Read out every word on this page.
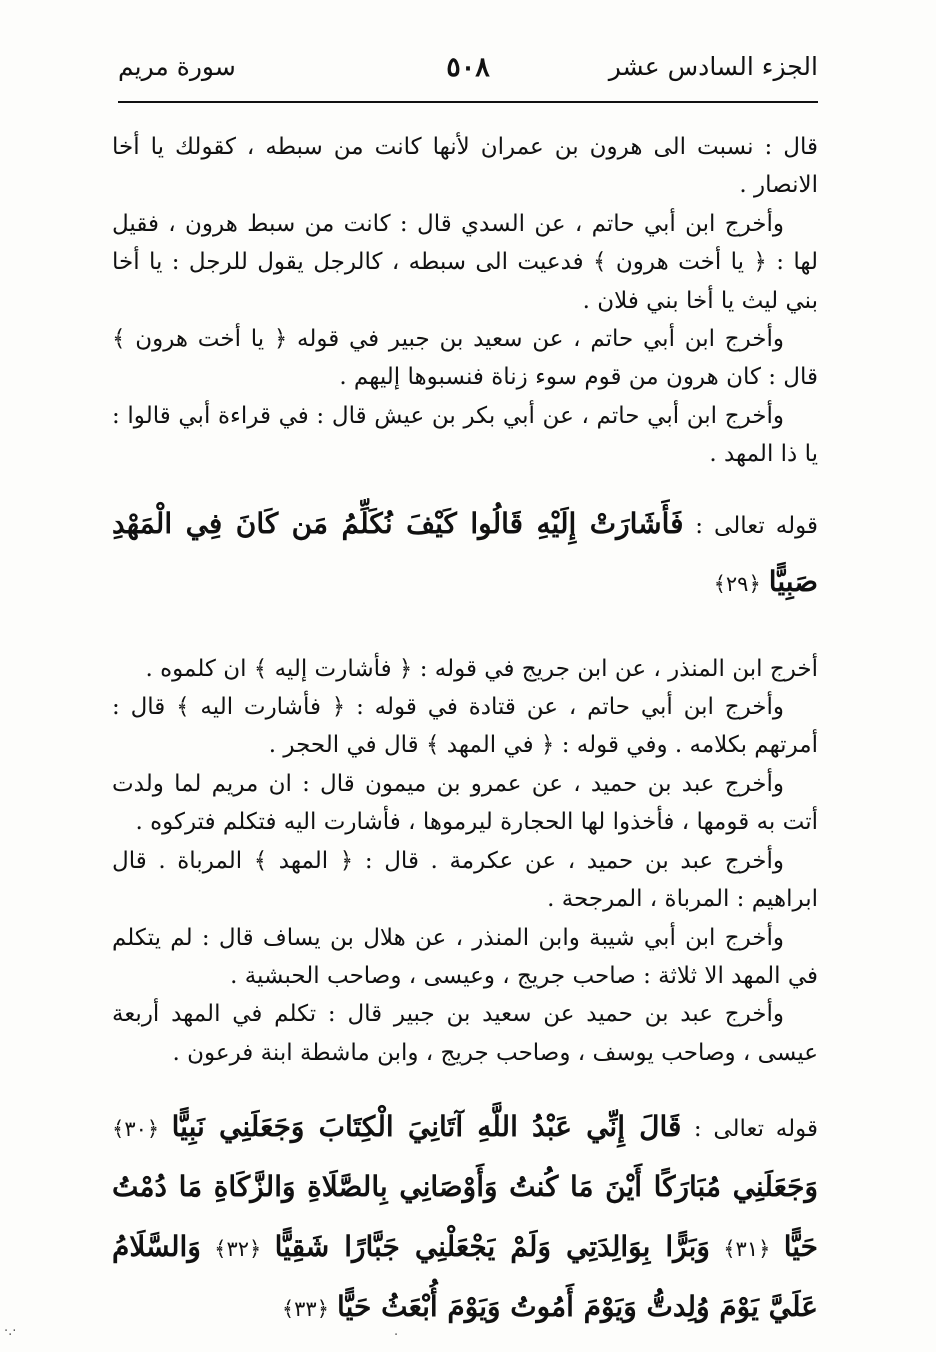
الجزء السادس عشر
٥٠٨
سورة مريم

قال : نسبت الى هرون بن عمران لأنها كانت من سبطه ، كقولك يا أخا الانصار .

وأخرج ابن أبي حاتم ، عن السدي قال : كانت من سبط هرون ، فقيل لها : ﴿ يا أخت هرون ﴾ فدعيت الى سبطه ، كالرجل يقول للرجل : يا أخا بني ليث يا أخا بني فلان .

وأخرج ابن أبي حاتم ، عن سعيد بن جبير في قوله ﴿ يا أخت هرون ﴾ قال : كان هرون من قوم سوء زناة فنسبوها إليهم .

وأخرج ابن أبي حاتم ، عن أبي بكر بن عيش قال : في قراءة أبي قالوا : يا ذا المهد .

قوله تعالى : فَأَشَارَتْ إِلَيْهِ قَالُوا كَيْفَ نُكَلِّمُ مَن كَانَ فِي الْمَهْدِ صَبِيًّا ﴿٢٩﴾

أخرج ابن المنذر ، عن ابن جريج في قوله : ﴿ فأشارت إليه ﴾ ان كلموه .

وأخرج ابن أبي حاتم ، عن قتادة في قوله : ﴿ فأشارت اليه ﴾ قال : أمرتهم بكلامه . وفي قوله : ﴿ في المهد ﴾ قال في الحجر .

وأخرج عبد بن حميد ، عن عمرو بن ميمون قال : ان مريم لما ولدت أتت به قومها ، فأخذوا لها الحجارة ليرموها ، فأشارت اليه فتكلم فتركوه .

وأخرج عبد بن حميد ، عن عكرمة . قال : ﴿ المهد ﴾ المرباة . قال ابراهيم : المرباة ، المرجحة .

وأخرج ابن أبي شيبة وابن المنذر ، عن هلال بن يساف قال : لم يتكلم في المهد الا ثلاثة : صاحب جريج ، وعيسى ، وصاحب الحبشية .

وأخرج عبد بن حميد عن سعيد بن جبير قال : تكلم في المهد أربعة عيسى ، وصاحب يوسف ، وصاحب جريج ، وابن ماشطة ابنة فرعون .

قوله تعالى : قَالَ إِنِّي عَبْدُ اللَّهِ آتَانِيَ الْكِتَابَ وَجَعَلَنِي نَبِيًّا ﴿٣٠﴾ وَجَعَلَنِي مُبَارَكًا أَيْنَ مَا كُنتُ وَأَوْصَانِي بِالصَّلَاةِ وَالزَّكَاةِ مَا دُمْتُ حَيًّا ﴿٣١﴾ وَبَرًّا بِوَالِدَتِي وَلَمْ يَجْعَلْنِي جَبَّارًا شَقِيًّا ﴿٣٢﴾ وَالسَّلَامُ عَلَيَّ يَوْمَ وُلِدتُّ وَيَوْمَ أَمُوتُ وَيَوْمَ أُبْعَثُ حَيًّا ﴿٣٣﴾

·.·	·
